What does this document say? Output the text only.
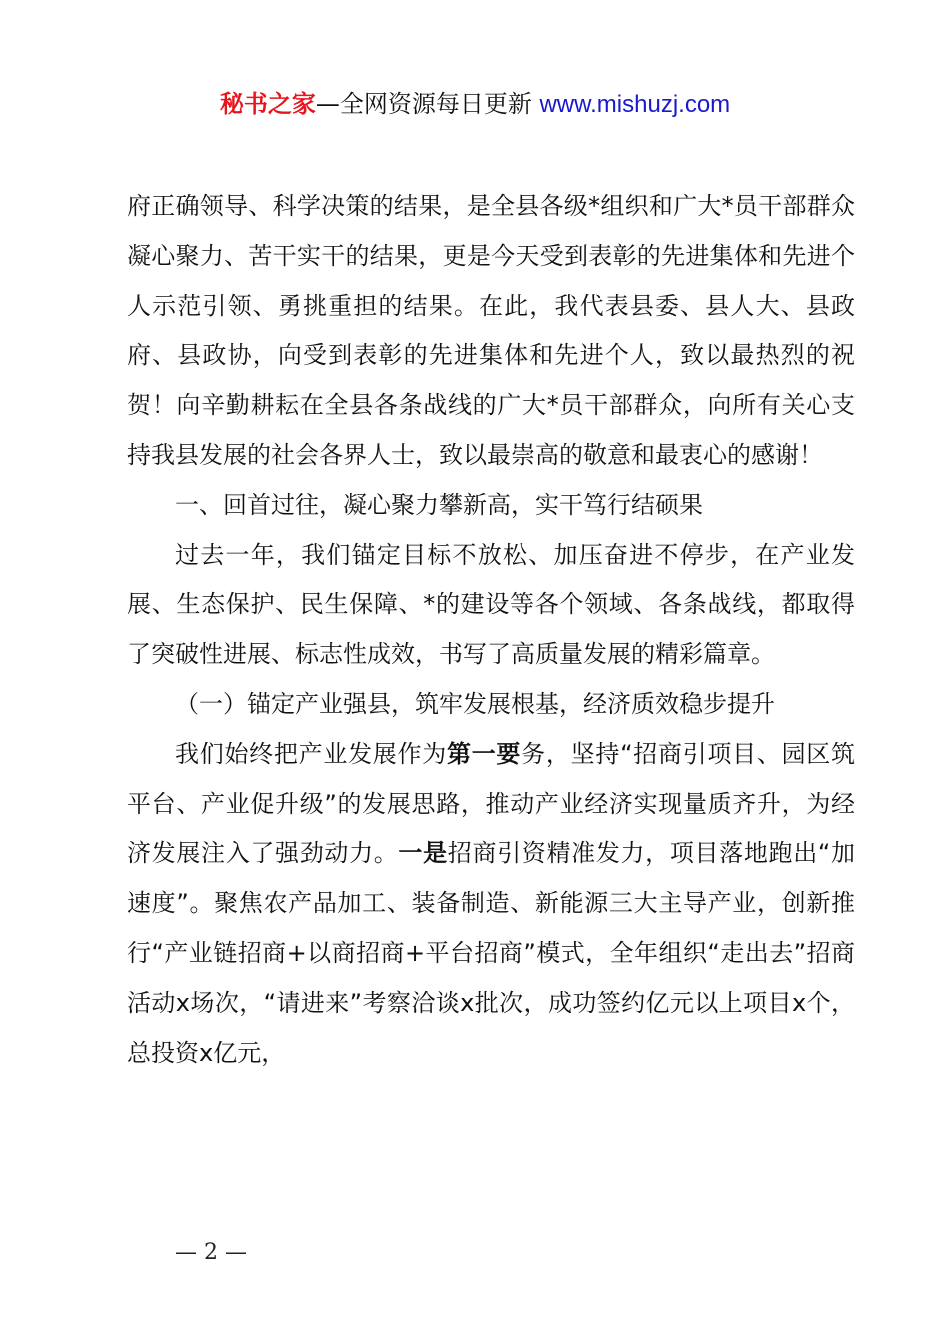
秘书之家—全网资源每日更新 www.mishuzj.com

府正确领导、科学决策的结果，是全县各级*组织和广大*员干部群众凝心聚力、苦干实干的结果，更是今天受到表彰的先进集体和先进个人示范引领、勇挑重担的结果。在此，我代表县委、县人大、县政府、县政协，向受到表彰的先进集体和先进个人，致以最热烈的祝贺！向辛勤耕耘在全县各条战线的广大*员干部群众，向所有关心支持我县发展的社会各界人士，致以最崇高的敬意和最衷心的感谢！

一、回首过往，凝心聚力攀新高，实干笃行结硕果

过去一年，我们锚定目标不放松、加压奋进不停步，在产业发展、生态保护、民生保障、*的建设等各个领域、各条战线，都取得了突破性进展、标志性成效，书写了高质量发展的精彩篇章。

（一）锚定产业强县，筑牢发展根基，经济质效稳步提升

我们始终把产业发展作为第一要务，坚持“招商引项目、园区筑平台、产业促升级”的发展思路，推动产业经济实现量质齐升，为经济发展注入了强劲动力。一是招商引资精准发力，项目落地跑出“加速度”。聚焦农产品加工、装备制造、新能源三大主导产业，创新推行“产业链招商+以商招商+平台招商”模式，全年组织“走出去”招商活动x场次，“请进来”考察洽谈x批次，成功签约亿元以上项目x个，总投资x亿元，

— 2 —
